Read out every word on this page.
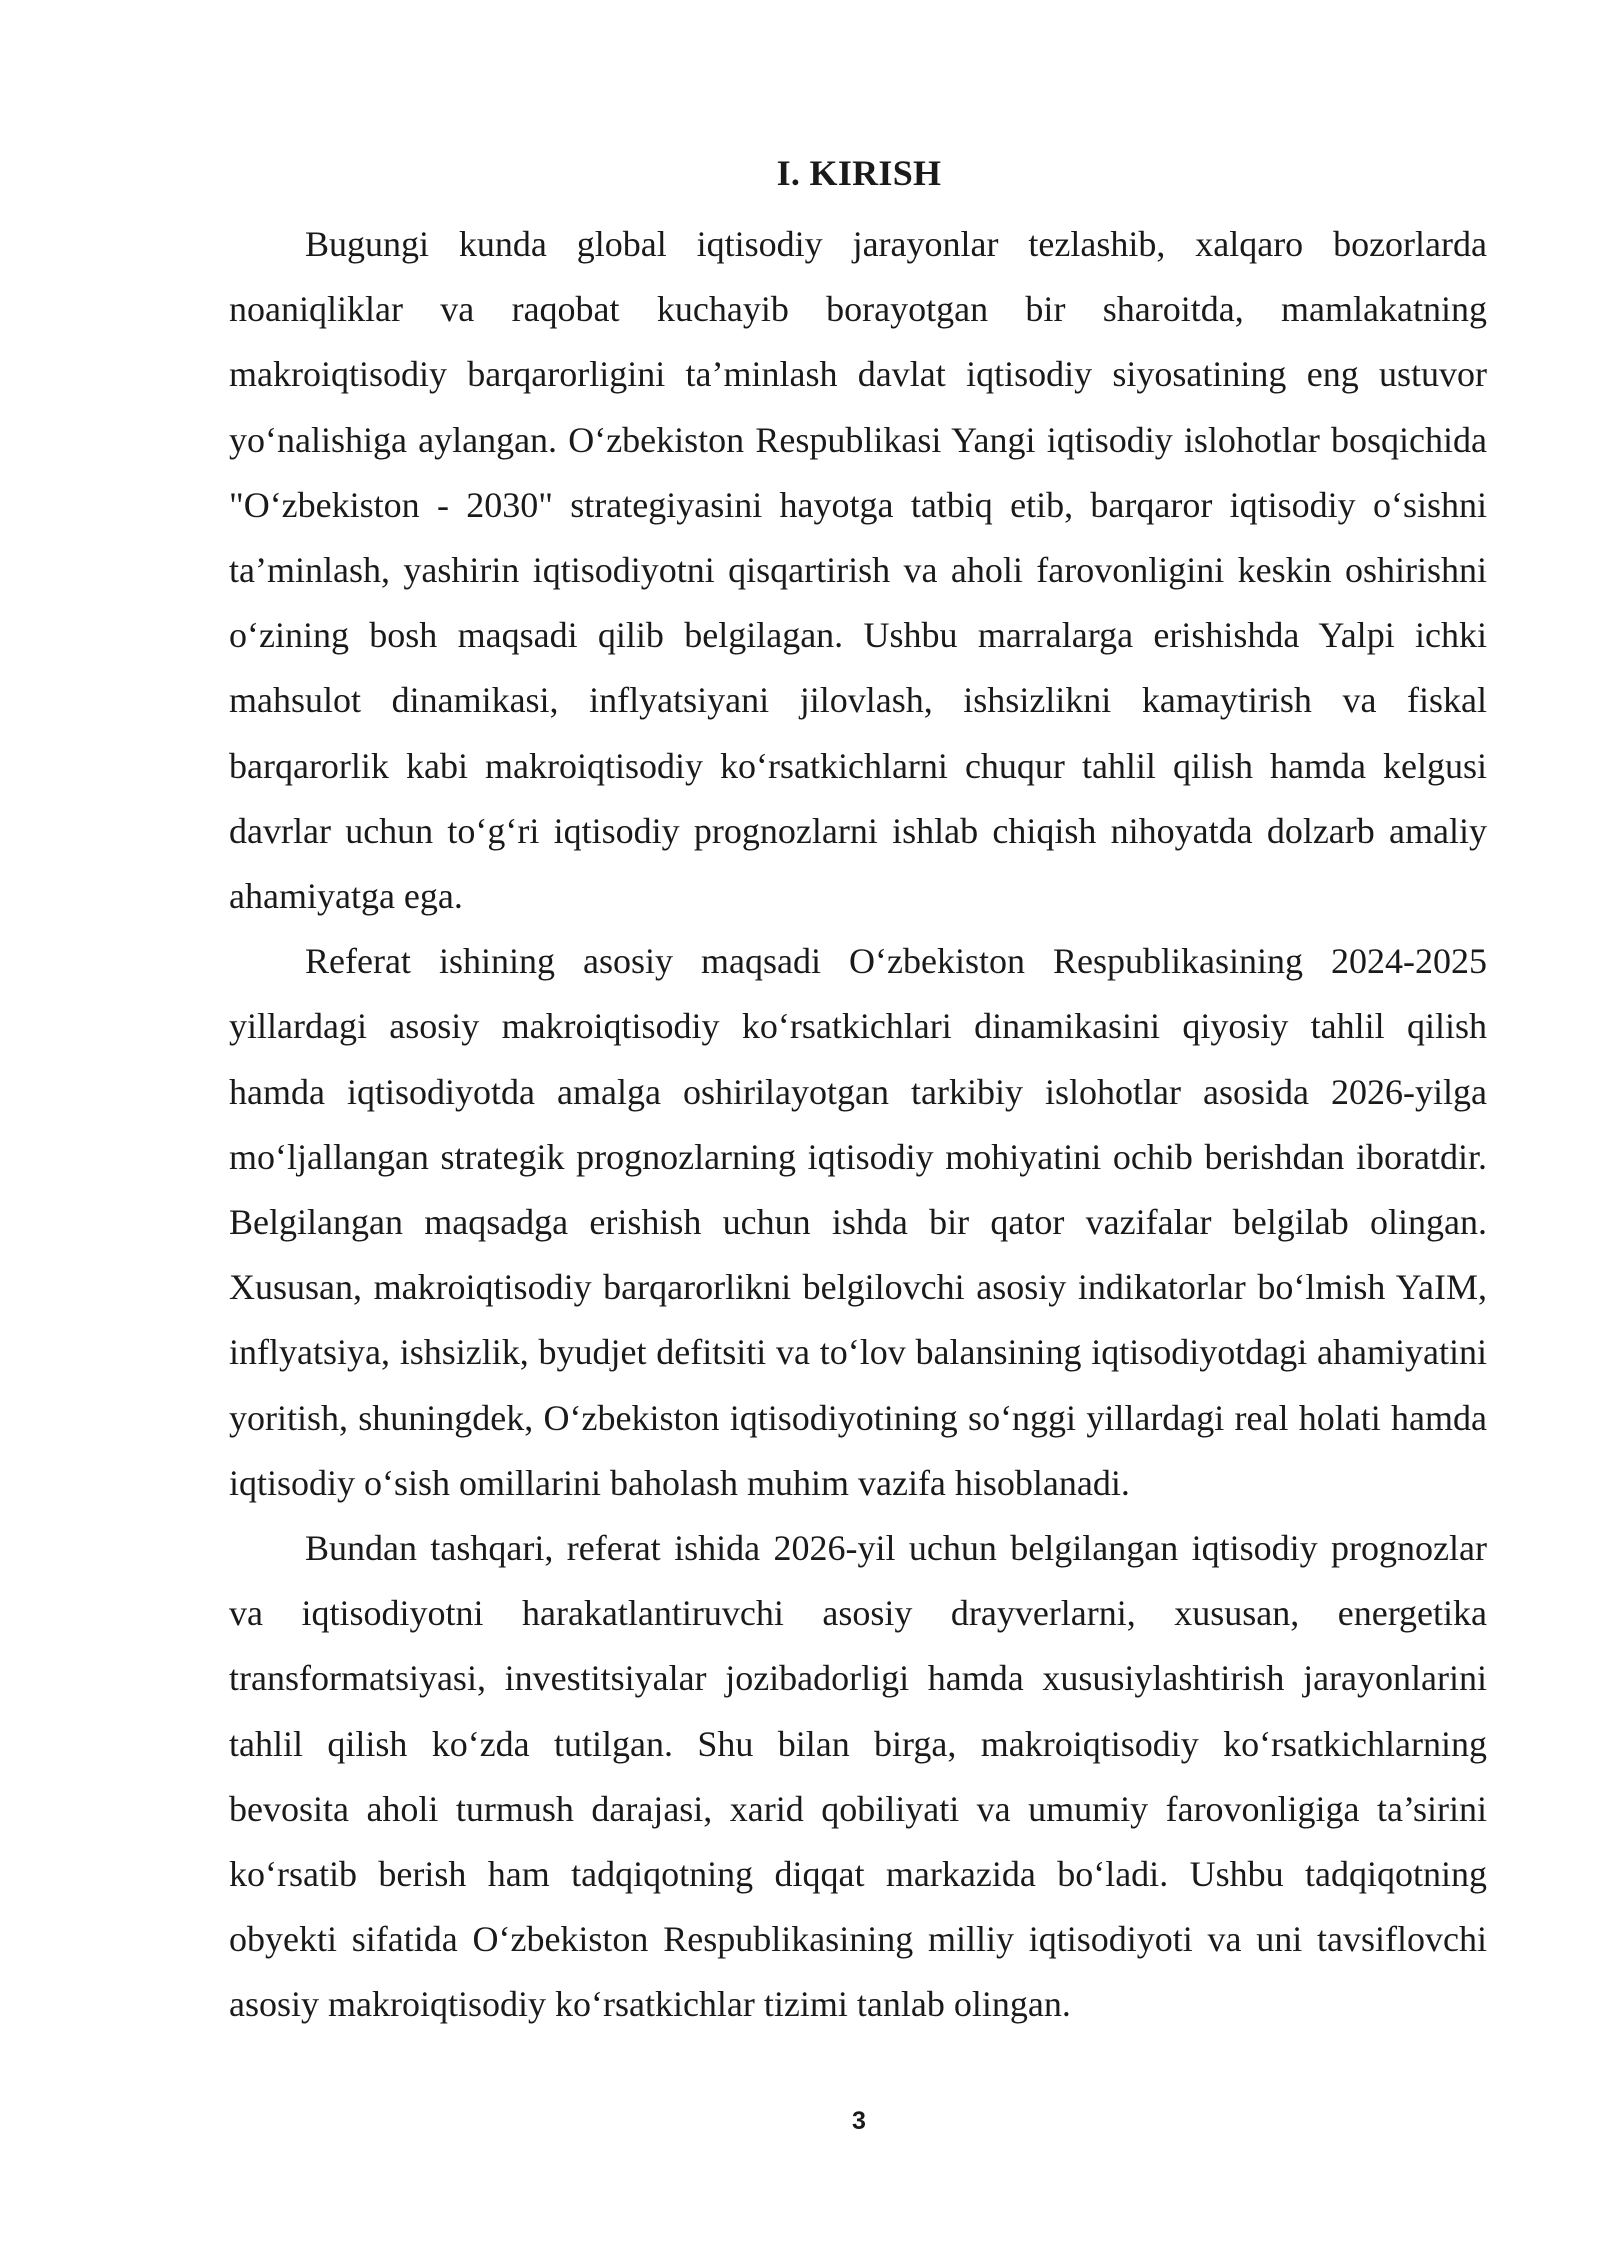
I. KIRISH

Bugungi kunda global iqtisodiy jarayonlar tezlashib, xalqaro bozorlarda noaniqliklar va raqobat kuchayib borayotgan bir sharoitda, mamlakatning makroiqtisodiy barqarorligini ta’minlash davlat iqtisodiy siyosatining eng ustuvor yo‘nalishiga aylangan. O‘zbekiston Respublikasi Yangi iqtisodiy islohotlar bosqichida "O‘zbekiston - 2030" strategiyasini hayotga tatbiq etib, barqaror iqtisodiy o‘sishni ta’minlash, yashirin iqtisodiyotni qisqartirish va aholi farovonligini keskin oshirishni o‘zining bosh maqsadi qilib belgilagan. Ushbu marralarga erishishda Yalpi ichki mahsulot dinamikasi, inflyatsiyani jilovlash, ishsizlikni kamaytirish va fiskal barqarorlik kabi makroiqtisodiy ko‘rsatkichlarni chuqur tahlil qilish hamda kelgusi davrlar uchun to‘g‘ri iqtisodiy prognozlarni ishlab chiqish nihoyatda dolzarb amaliy ahamiyatga ega.

Referat ishining asosiy maqsadi O‘zbekiston Respublikasining 2024-2025 yillardagi asosiy makroiqtisodiy ko‘rsatkichlari dinamikasini qiyosiy tahlil qilish hamda iqtisodiyotda amalga oshirilayotgan tarkibiy islohotlar asosida 2026-yilga mo‘ljallangan strategik prognozlarning iqtisodiy mohiyatini ochib berishdan iboratdir. Belgilangan maqsadga erishish uchun ishda bir qator vazifalar belgilab olingan. Xususan, makroiqtisodiy barqarorlikni belgilovchi asosiy indikatorlar bo‘lmish YaIM, inflyatsiya, ishsizlik, byudjet defitsiti va to‘lov balansining iqtisodiyotdagi ahamiyatini yoritish, shuningdek, O‘zbekiston iqtisodiyotining so‘nggi yillardagi real holati hamda iqtisodiy o‘sish omillarini baholash muhim vazifa hisoblanadi.

Bundan tashqari, referat ishida 2026-yil uchun belgilangan iqtisodiy prognozlar va iqtisodiyotni harakatlantiruvchi asosiy drayverlarni, xususan, energetika transformatsiyasi, investitsiyalar jozibadorligi hamda xususiylashtirish jarayonlarini tahlil qilish ko‘zda tutilgan. Shu bilan birga, makroiqtisodiy ko‘rsatkichlarning bevosita aholi turmush darajasi, xarid qobiliyati va umumiy farovonligiga ta’sirini ko‘rsatib berish ham tadqiqotning diqqat markazida bo‘ladi. Ushbu tadqiqotning obyekti sifatida O‘zbekiston Respublikasining milliy iqtisodiyoti va uni tavsiflovchi asosiy makroiqtisodiy ko‘rsatkichlar tizimi tanlab olingan.

3
